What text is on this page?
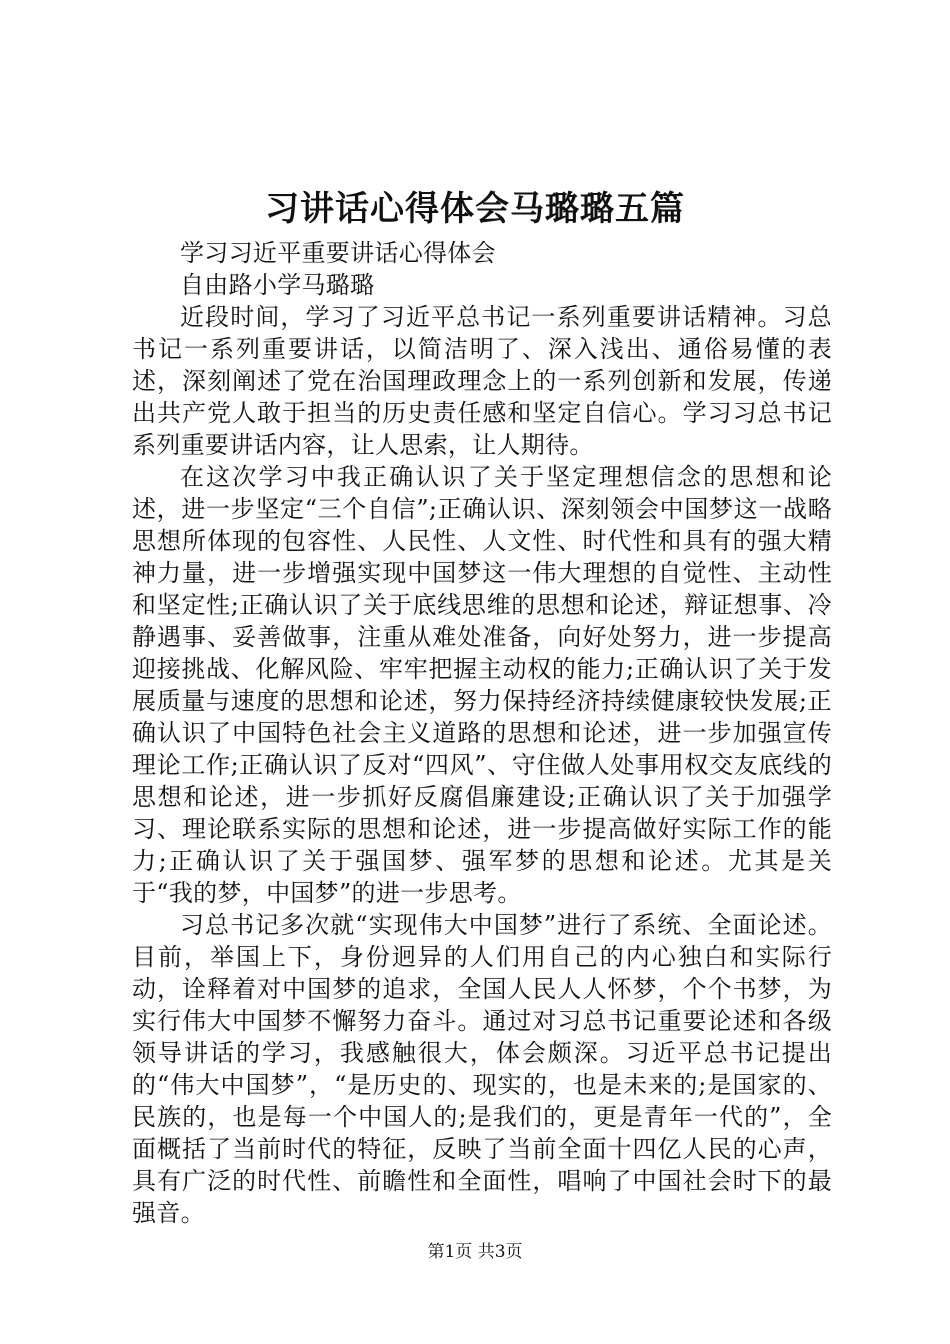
习讲话心得体会马璐璐五篇

学习习近平重要讲话心得体会

自由路小学马璐璐

近段时间，学习了习近平总书记一系列重要讲话精神。习总书记一系列重要讲话，以简洁明了、深入浅出、通俗易懂的表述，深刻阐述了党在治国理政理念上的一系列创新和发展，传递出共产党人敢于担当的历史责任感和坚定自信心。学习习总书记系列重要讲话内容，让人思索，让人期待。

在这次学习中我正确认识了关于坚定理想信念的思想和论述，进一步坚定“三个自信”;正确认识、深刻领会中国梦这一战略思想所体现的包容性、人民性、人文性、时代性和具有的强大精神力量，进一步增强实现中国梦这一伟大理想的自觉性、主动性和坚定性;正确认识了关于底线思维的思想和论述，辩证想事、冷静遇事、妥善做事，注重从难处准备，向好处努力，进一步提高迎接挑战、化解风险、牢牢把握主动权的能力;正确认识了关于发展质量与速度的思想和论述，努力保持经济持续健康较快发展;正确认识了中国特色社会主义道路的思想和论述，进一步加强宣传理论工作;正确认识了反对“四风”、守住做人处事用权交友底线的思想和论述，进一步抓好反腐倡廉建设;正确认识了关于加强学习、理论联系实际的思想和论述，进一步提高做好实际工作的能力;正确认识了关于强国梦、强军梦的思想和论述。尤其是关于“我的梦，中国梦”的进一步思考。

习总书记多次就“实现伟大中国梦”进行了系统、全面论述。目前，举国上下，身份迥异的人们用自己的内心独白和实际行动，诠释着对中国梦的追求，全国人民人人怀梦，个个书梦，为实行伟大中国梦不懈努力奋斗。通过对习总书记重要论述和各级领导讲话的学习，我感触很大，体会颇深。习近平总书记提出的“伟大中国梦”，“是历史的、现实的，也是未来的;是国家的、民族的，也是每一个中国人的;是我们的，更是青年一代的”，全面概括了当前时代的特征，反映了当前全面十四亿人民的心声，具有广泛的时代性、前瞻性和全面性，唱响了中国社会时下的最强音。

第1页 共3页
